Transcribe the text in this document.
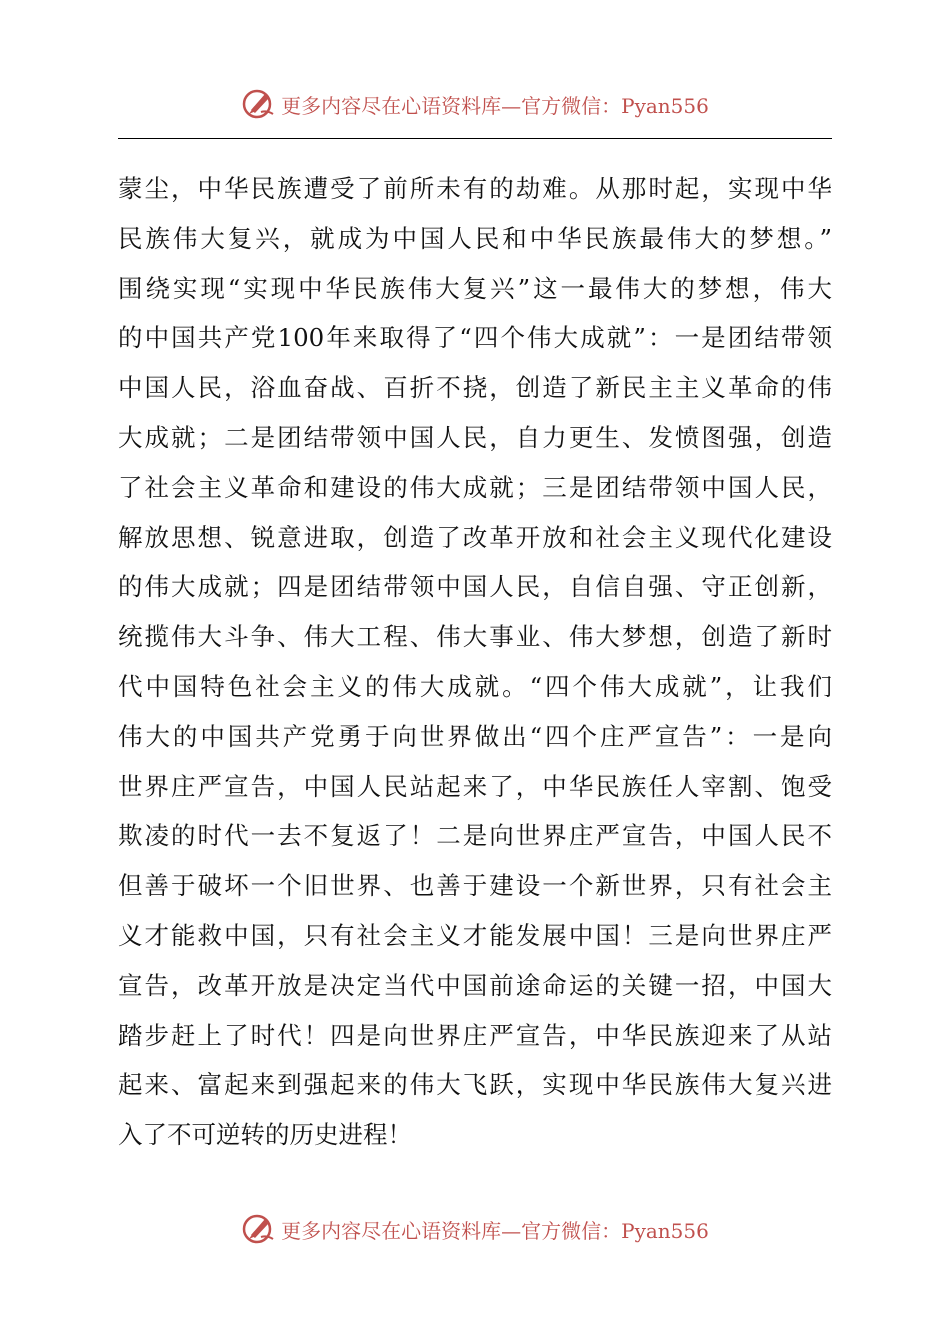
更多内容尽在心语资料库—官方微信：Pyan556
蒙尘，中华民族遭受了前所未有的劫难。从那时起，实现中华
民族伟大复兴，就成为中国人民和中华民族最伟大的梦想。”
围绕实现“实现中华民族伟大复兴”这一最伟大的梦想，伟大
的中国共产党100年来取得了“四个伟大成就”：一是团结带领
中国人民，浴血奋战、百折不挠，创造了新民主主义革命的伟
大成就；二是团结带领中国人民，自力更生、发愤图强，创造
了社会主义革命和建设的伟大成就；三是团结带领中国人民，
解放思想、锐意进取，创造了改革开放和社会主义现代化建设
的伟大成就；四是团结带领中国人民，自信自强、守正创新，
统揽伟大斗争、伟大工程、伟大事业、伟大梦想，创造了新时
代中国特色社会主义的伟大成就。“四个伟大成就”，让我们
伟大的中国共产党勇于向世界做出“四个庄严宣告”：一是向
世界庄严宣告，中国人民站起来了，中华民族任人宰割、饱受
欺凌的时代一去不复返了！二是向世界庄严宣告，中国人民不
但善于破坏一个旧世界、也善于建设一个新世界，只有社会主
义才能救中国，只有社会主义才能发展中国！三是向世界庄严
宣告，改革开放是决定当代中国前途命运的关键一招，中国大
踏步赶上了时代！四是向世界庄严宣告，中华民族迎来了从站
起来、富起来到强起来的伟大飞跃，实现中华民族伟大复兴进
入了不可逆转的历史进程！
更多内容尽在心语资料库—官方微信：Pyan556
